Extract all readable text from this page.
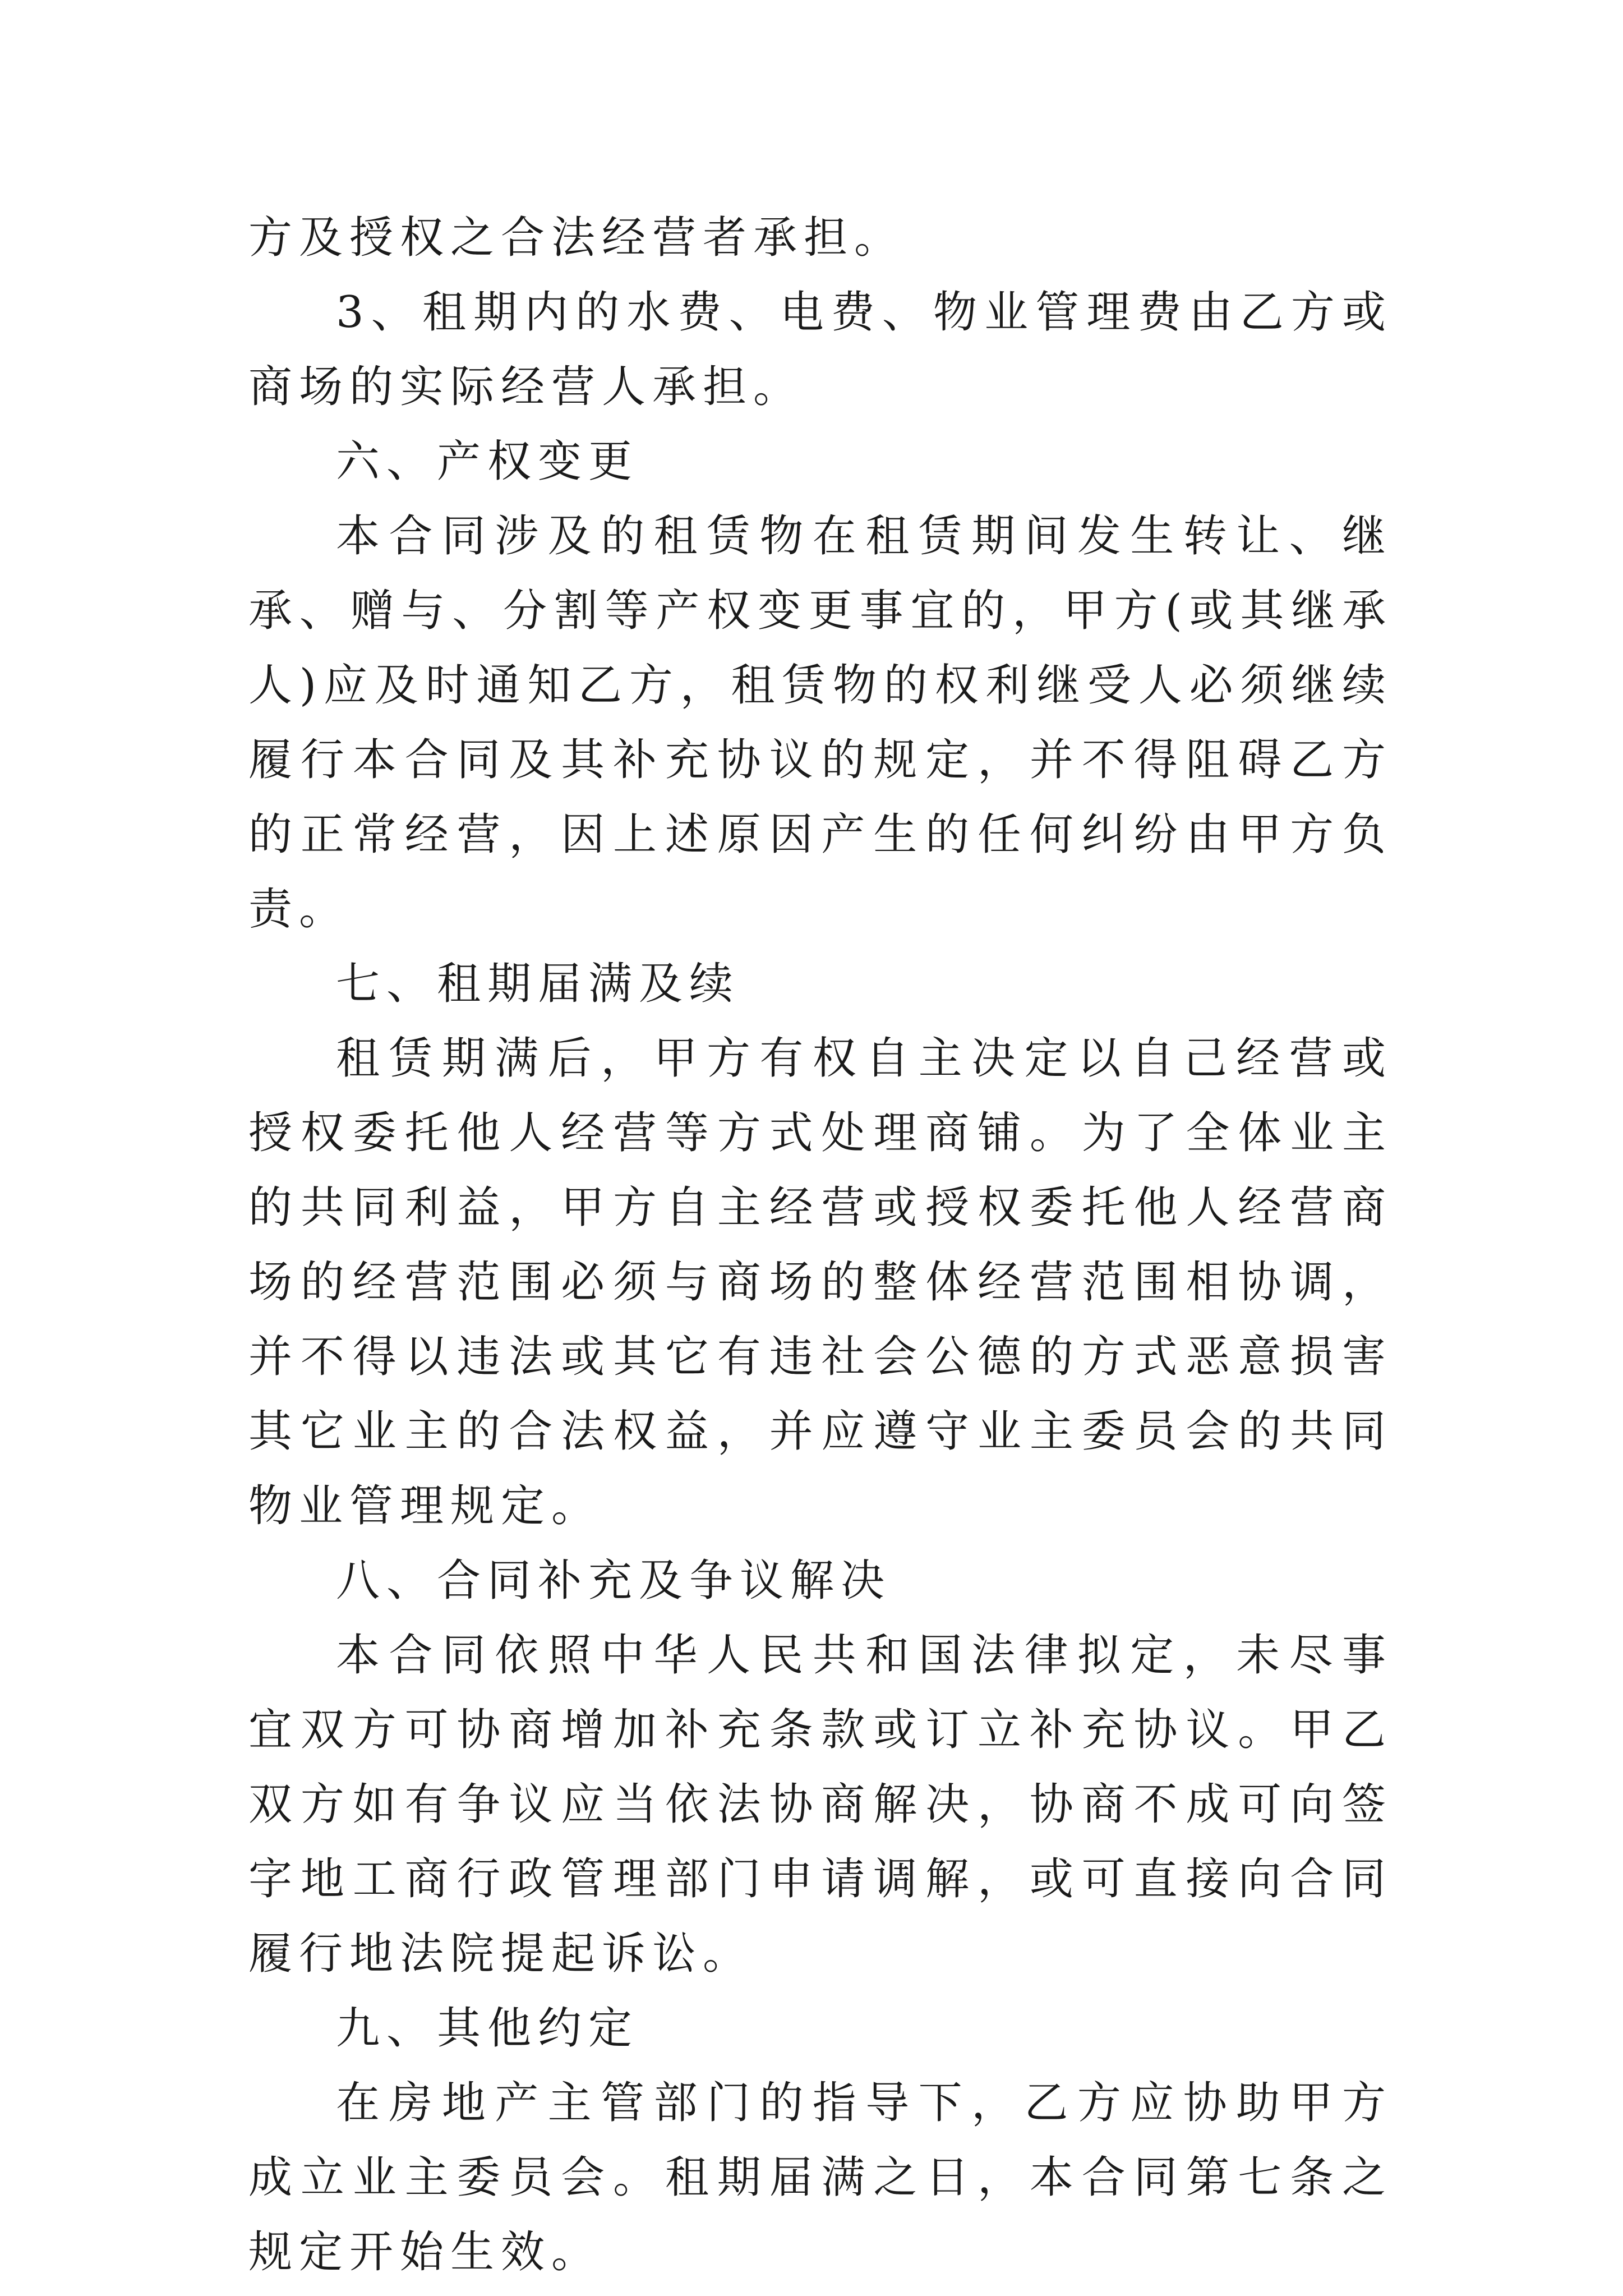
方及授权之合法经营者承担。

3、租期内的水费、电费、物业管理费由乙方或商场的实际经营人承担。

六、产权变更

本合同涉及的租赁物在租赁期间发生转让、继承、赠与、分割等产权变更事宜的，甲方(或其继承人)应及时通知乙方，租赁物的权利继受人必须继续履行本合同及其补充协议的规定，并不得阻碍乙方的正常经营，因上述原因产生的任何纠纷由甲方负责。

七、租期届满及续

租赁期满后，甲方有权自主决定以自己经营或授权委托他人经营等方式处理商铺。为了全体业主的共同利益，甲方自主经营或授权委托他人经营商场的经营范围必须与商场的整体经营范围相协调，并不得以违法或其它有违社会公德的方式恶意损害其它业主的合法权益，并应遵守业主委员会的共同物业管理规定。

八、合同补充及争议解决

本合同依照中华人民共和国法律拟定，未尽事宜双方可协商增加补充条款或订立补充协议。甲乙双方如有争议应当依法协商解决，协商不成可向签字地工商行政管理部门申请调解，或可直接向合同履行地法院提起诉讼。

九、其他约定

在房地产主管部门的指导下，乙方应协助甲方成立业主委员会。租期届满之日，本合同第七条之规定开始生效。
